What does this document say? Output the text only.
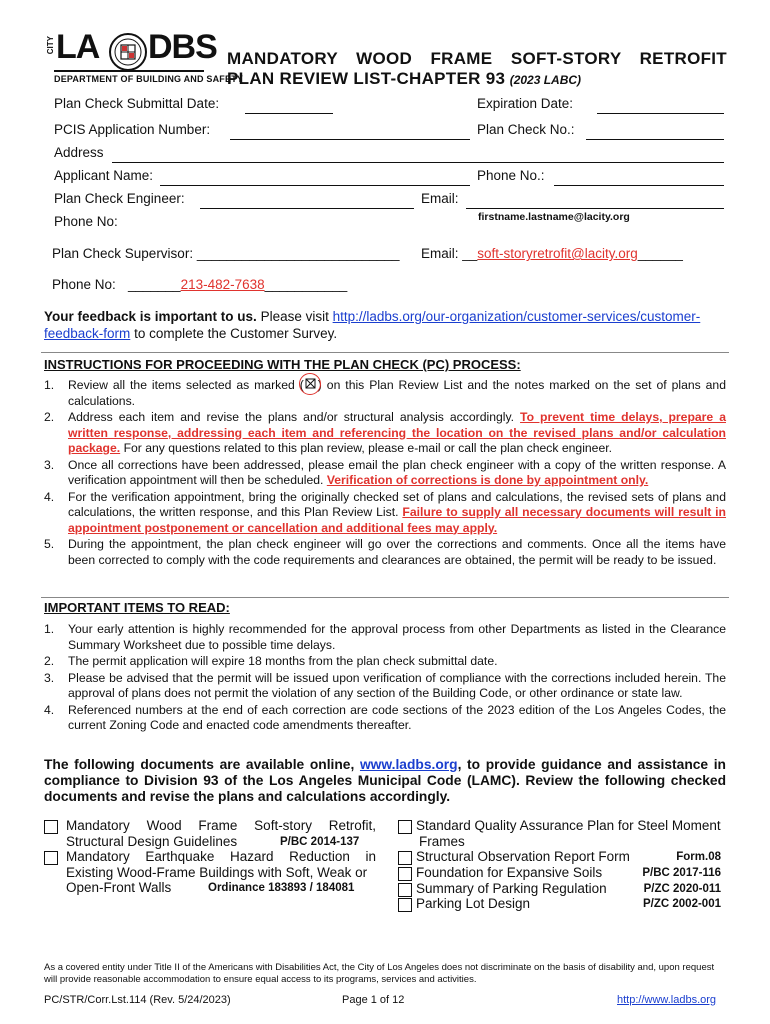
CITY LA DBS
DEPARTMENT OF BUILDING AND SAFETY
MANDATORY WOOD FRAME SOFT-STORY RETROFIT
PLAN REVIEW LIST-CHAPTER 93 (2023 LABC)
Plan Check Submittal Date:	Expiration Date:
PCIS Application Number:	Plan Check No.:
Address
Applicant Name:	Phone No.:
Plan Check Engineer:	Email:
Phone No:	firstname.lastname@lacity.org
Plan Check Supervisor: ___________________________ Email: __soft-storyretrofit@lacity.org______
Phone No: _______213-482-7638___________
Your feedback is important to us. Please visit http://ladbs.org/our-organization/customer-services/customer-
feedback-form to complete the Customer Survey.
INSTRUCTIONS FOR PROCEEDING WITH THE PLAN CHECK (PC) PROCESS:
1. Review all the items selected as marked ( ) on this Plan Review List and the notes marked on the set of plans and calculations.
2. Address each item and revise the plans and/or structural analysis accordingly. To prevent time delays, prepare a written response, addressing each item and referencing the location on the revised plans and/or calculation package. For any questions related to this plan review, please e-mail or call the plan check engineer.
3. Once all corrections have been addressed, please email the plan check engineer with a copy of the written response. A verification appointment will then be scheduled. Verification of corrections is done by appointment only.
4. For the verification appointment, bring the originally checked set of plans and calculations, the revised sets of plans and calculations, the written response, and this Plan Review List. Failure to supply all necessary documents will result in appointment postponement or cancellation and additional fees may apply.
5. During the appointment, the plan check engineer will go over the corrections and comments. Once all the items have been corrected to comply with the code requirements and clearances are obtained, the permit will be ready to be issued.
IMPORTANT ITEMS TO READ:
1. Your early attention is highly recommended for the approval process from other Departments as listed in the Clearance Summary Worksheet due to possible time delays.
2. The permit application will expire 18 months from the plan check submittal date.
3. Please be advised that the permit will be issued upon verification of compliance with the corrections included herein. The approval of plans does not permit the violation of any section of the Building Code, or other ordinance or state law.
4. Referenced numbers at the end of each correction are code sections of the 2023 edition of the Los Angeles Codes, the current Zoning Code and enacted code amendments thereafter.
The following documents are available online, www.ladbs.org, to provide guidance and assistance in compliance to Division 93 of the Los Angeles Municipal Code (LAMC). Review the following checked documents and revise the plans and calculations accordingly.
Mandatory Wood Frame Soft-story Retrofit,
Structural Design Guidelines	P/BC 2014-137
Mandatory Earthquake Hazard Reduction in
Existing Wood-Frame Buildings with Soft, Weak or
Open-Front Walls	Ordinance 183893 / 184081
Standard Quality Assurance Plan for Steel Moment
Frames
Structural Observation Report Form	Form.08
Foundation for Expansive Soils	P/BC 2017-116
Summary of Parking Regulation	P/ZC 2020-011
Parking Lot Design	P/ZC 2002-001
As a covered entity under Title II of the Americans with Disabilities Act, the City of Los Angeles does not discriminate on the basis of disability and, upon request will provide reasonable accommodation to ensure equal access to its programs, services and activities.
PC/STR/Corr.Lst.114 (Rev. 5/24/2023)	Page 1 of 12	http://www.ladbs.org
